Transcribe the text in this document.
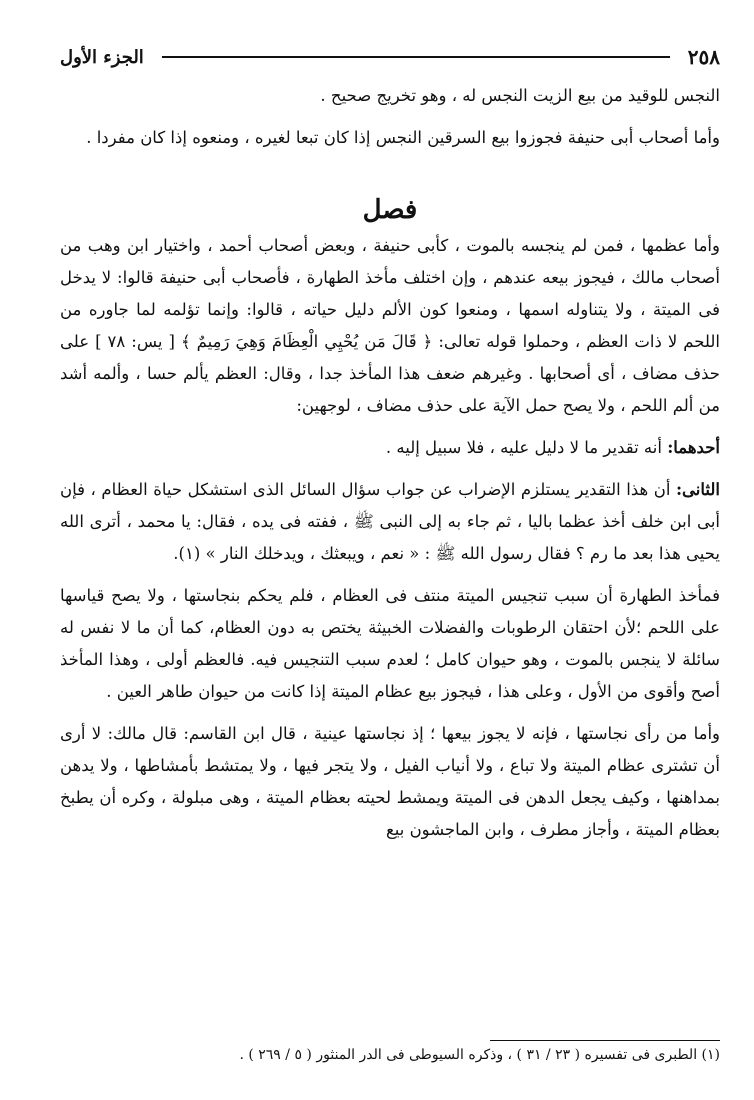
٢٥٨
الجزء الأول

النجس للوقيد من بيع الزيت النجس له ، وهو تخريج صحيح .

وأما أصحاب أبى حنيفة فجوزوا بيع السرقين النجس إذا كان تبعا لغيره ، ومنعوه إذا كان مفردا .

فصل

وأما عظمها ، فمن لم ينجسه بالموت ، كأبى حنيفة ، وبعض أصحاب أحمد ، واختيار ابن وهب من أصحاب مالك ، فيجوز بيعه عندهم ، وإن اختلف مأخذ الطهارة ، فأصحاب أبى حنيفة قالوا: لا يدخل فى الميتة ، ولا يتناوله اسمها ، ومنعوا كون الألم دليل حياته ، قالوا: وإنما تؤلمه لما جاوره من اللحم لا ذات العظم ، وحملوا قوله تعالى: ﴿ قَالَ مَن يُحْيِي الْعِظَامَ وَهِيَ رَمِيمٌ ﴾ [ يس: ٧٨ ] على حذف مضاف ، أى أصحابها . وغيرهم ضعف هذا المأخذ جدا ، وقال: العظم يألم حسا ، وألمه أشد من ألم اللحم ، ولا يصح حمل الآية على حذف مضاف ، لوجهين:

أحدهما: أنه تقدير ما لا دليل عليه ، فلا سبيل إليه .

الثانى: أن هذا التقدير يستلزم الإضراب عن جواب سؤال السائل الذى استشكل حياة العظام ، فإن أبى ابن خلف أخذ عظما باليا ، ثم جاء به إلى النبى ﷺ ، ففته فى يده ، فقال: يا محمد ، أترى الله يحيى هذا بعد ما رم ؟ فقال رسول الله ﷺ : « نعم ، ويبعثك ، ويدخلك النار » (١).

فمأخذ الطهارة أن سبب تنجيس الميتة منتف فى العظام ، فلم يحكم بنجاستها ، ولا يصح قياسها على اللحم ؛لأن احتقان الرطوبات والفضلات الخبيثة يختص به دون العظام، كما أن ما لا نفس له سائلة لا ينجس بالموت ، وهو حيوان كامل ؛ لعدم سبب التنجيس فيه. فالعظم أولى ، وهذا المأخذ أصح وأقوى من الأول ، وعلى هذا ، فيجوز بيع عظام الميتة إذا كانت من حيوان طاهر العين .

وأما من رأى نجاستها ، فإنه لا يجوز بيعها ؛ إذ نجاستها عينية ، قال ابن القاسم: قال مالك: لا أرى أن تشترى عظام الميتة ولا تباع ، ولا أنياب الفيل ، ولا يتجر فيها ، ولا يمتشط بأمشاطها ، ولا يدهن بمداهنها ، وكيف يجعل الدهن فى الميتة ويمشط لحيته بعظام الميتة ، وهى مبلولة ، وكره أن يطبخ بعظام الميتة ، وأجاز مطرف ، وابن الماجشون بيع

(١) الطبرى فى تفسيره ( ٢٣ / ٣١ ) ، وذكره السيوطى فى الدر المنثور ( ٥ / ٢٦٩ ) .
